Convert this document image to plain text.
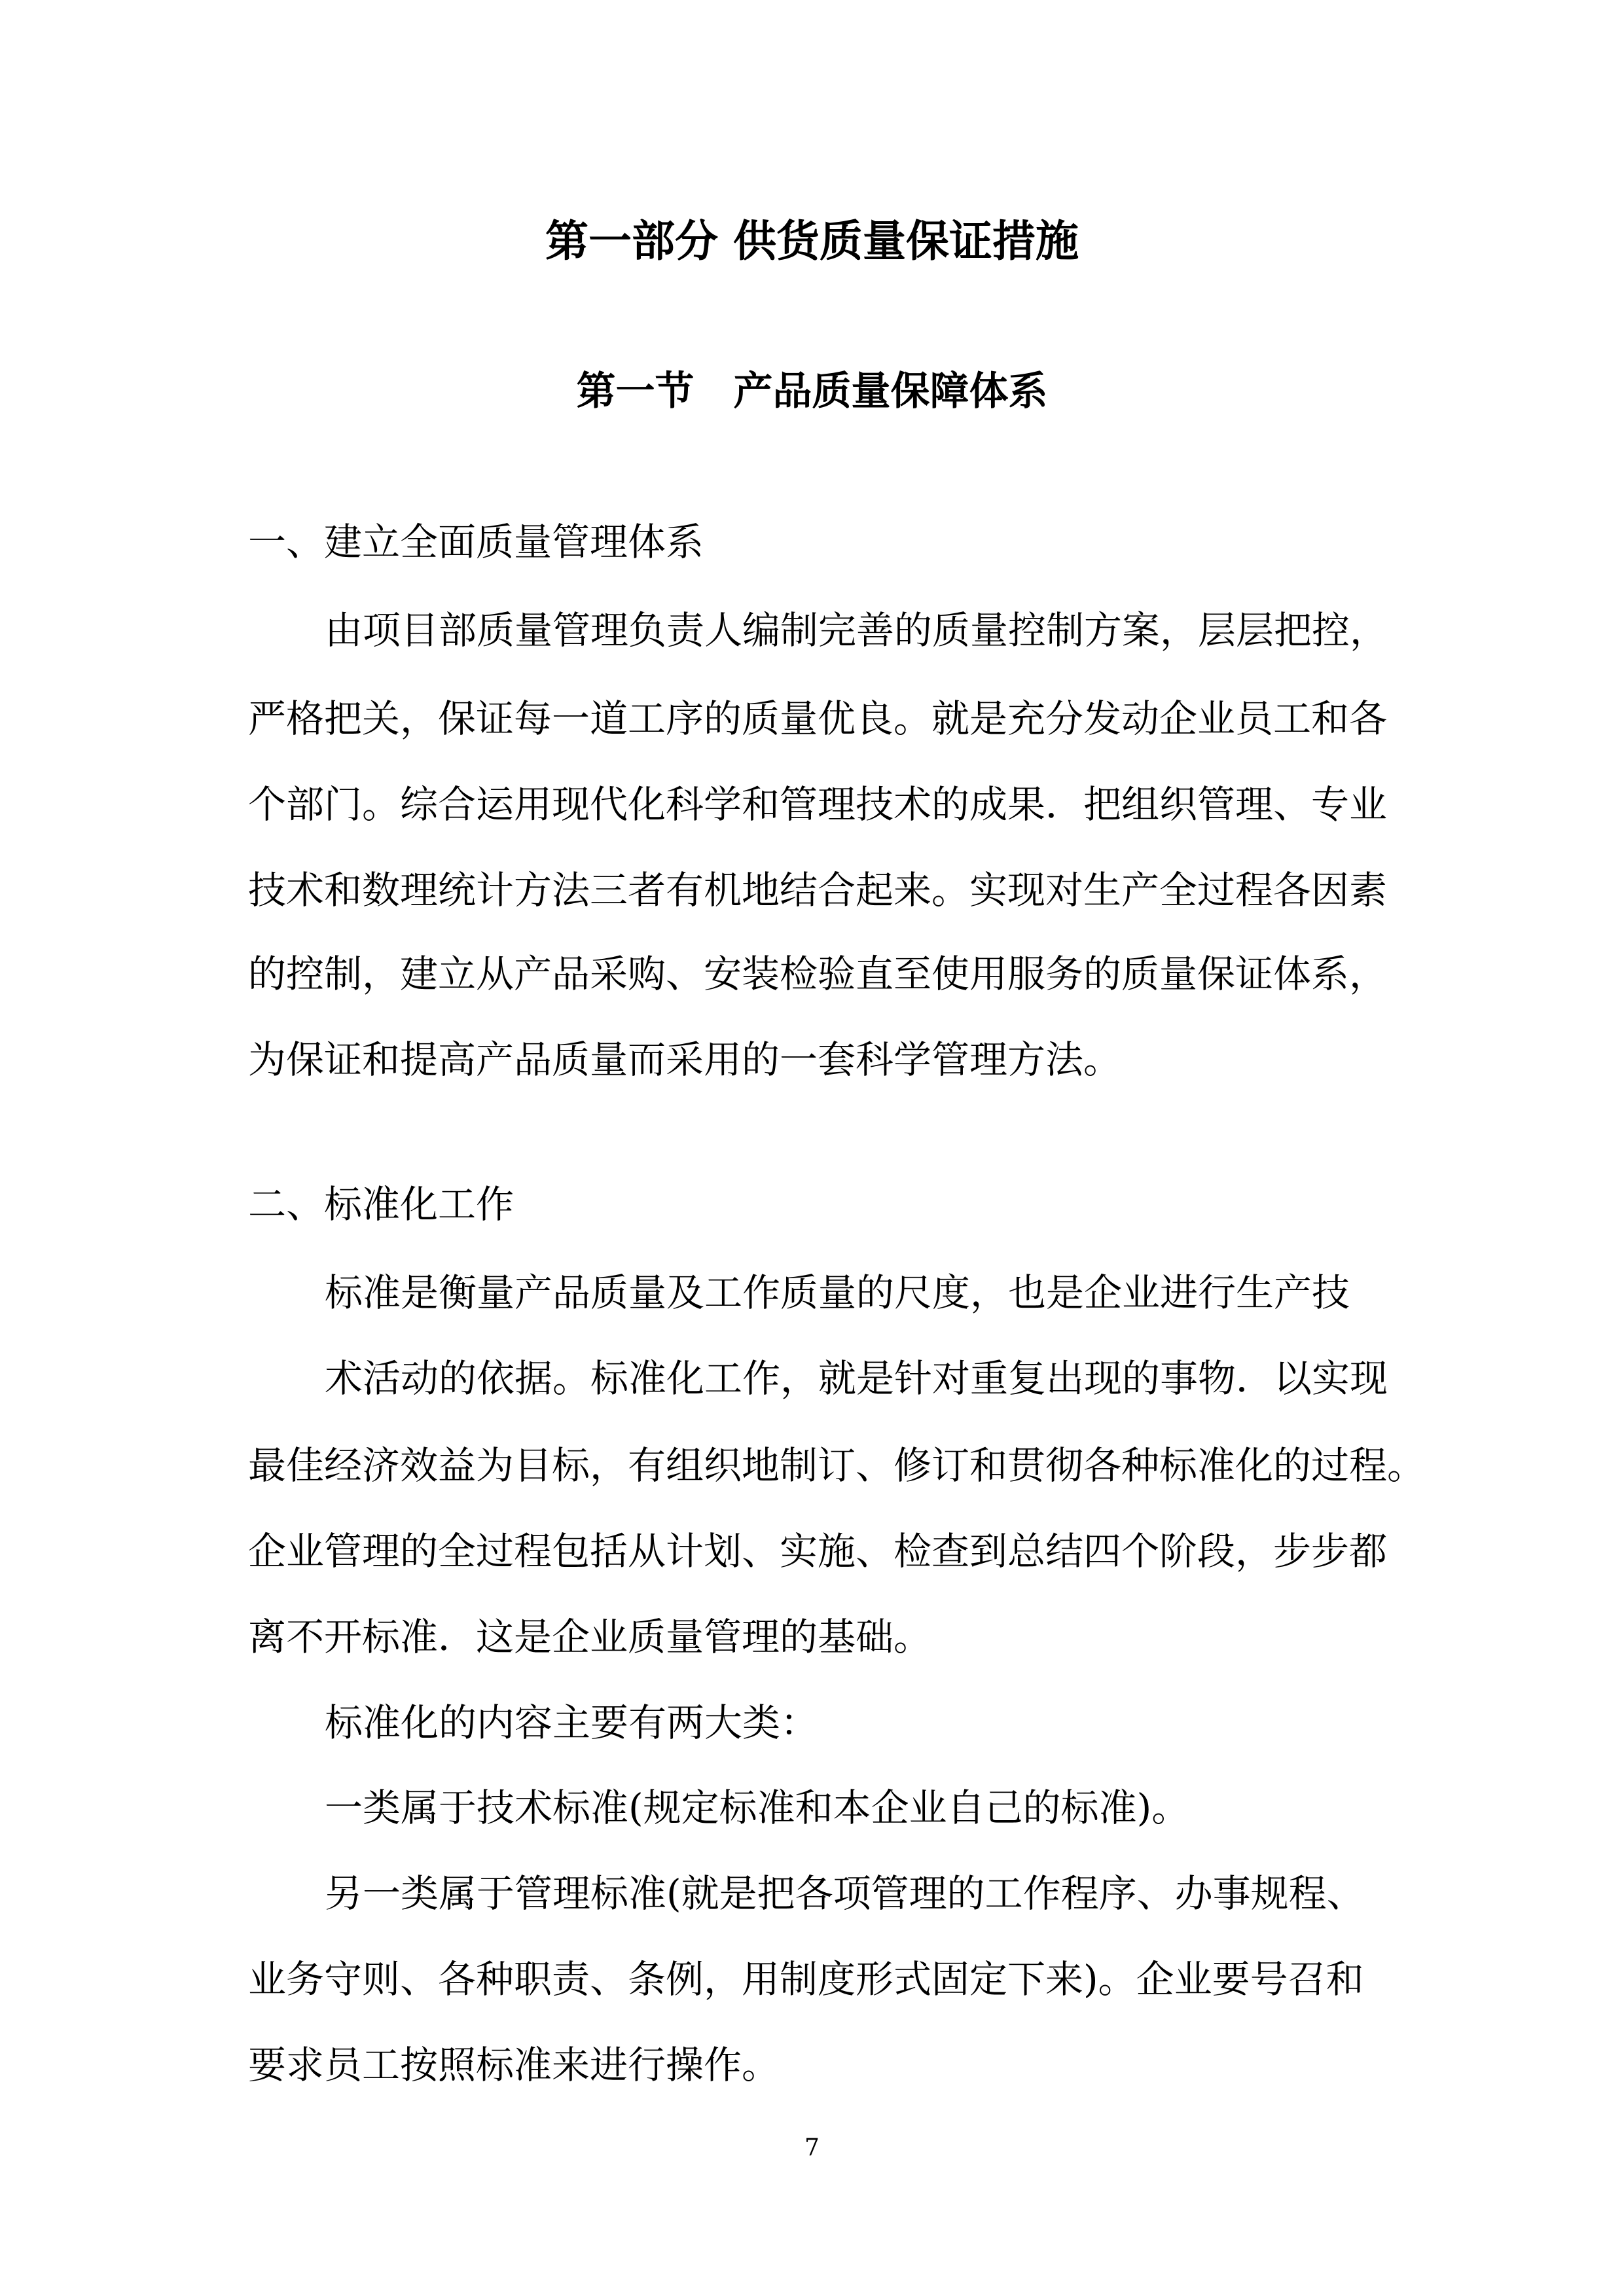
第一部分 供货质量保证措施
第一节　产品质量保障体系
一、建立全面质量管理体系
由项目部质量管理负责人编制完善的质量控制方案，层层把控，
严格把关，保证每一道工序的质量优良。就是充分发动企业员工和各
个部门。综合运用现代化科学和管理技术的成果．把组织管理、专业
技术和数理统计方法三者有机地结合起来。实现对生产全过程各因素
的控制，建立从产品采购、安装检验直至使用服务的质量保证体系，
为保证和提高产品质量而采用的一套科学管理方法。
二、标准化工作
标准是衡量产品质量及工作质量的尺度，也是企业进行生产技
术活动的依据。标准化工作，就是针对重复出现的事物．以实现
最佳经济效益为目标，有组织地制订、修订和贯彻各种标准化的过程。
企业管理的全过程包括从计划、实施、检查到总结四个阶段，步步都
离不开标准．这是企业质量管理的基础。
标准化的内容主要有两大类：
一类属于技术标准(规定标准和本企业自己的标准)。
另一类属于管理标准(就是把各项管理的工作程序、办事规程、
业务守则、各种职责、条例，用制度形式固定下来)。企业要号召和
要求员工按照标准来进行操作。
7
